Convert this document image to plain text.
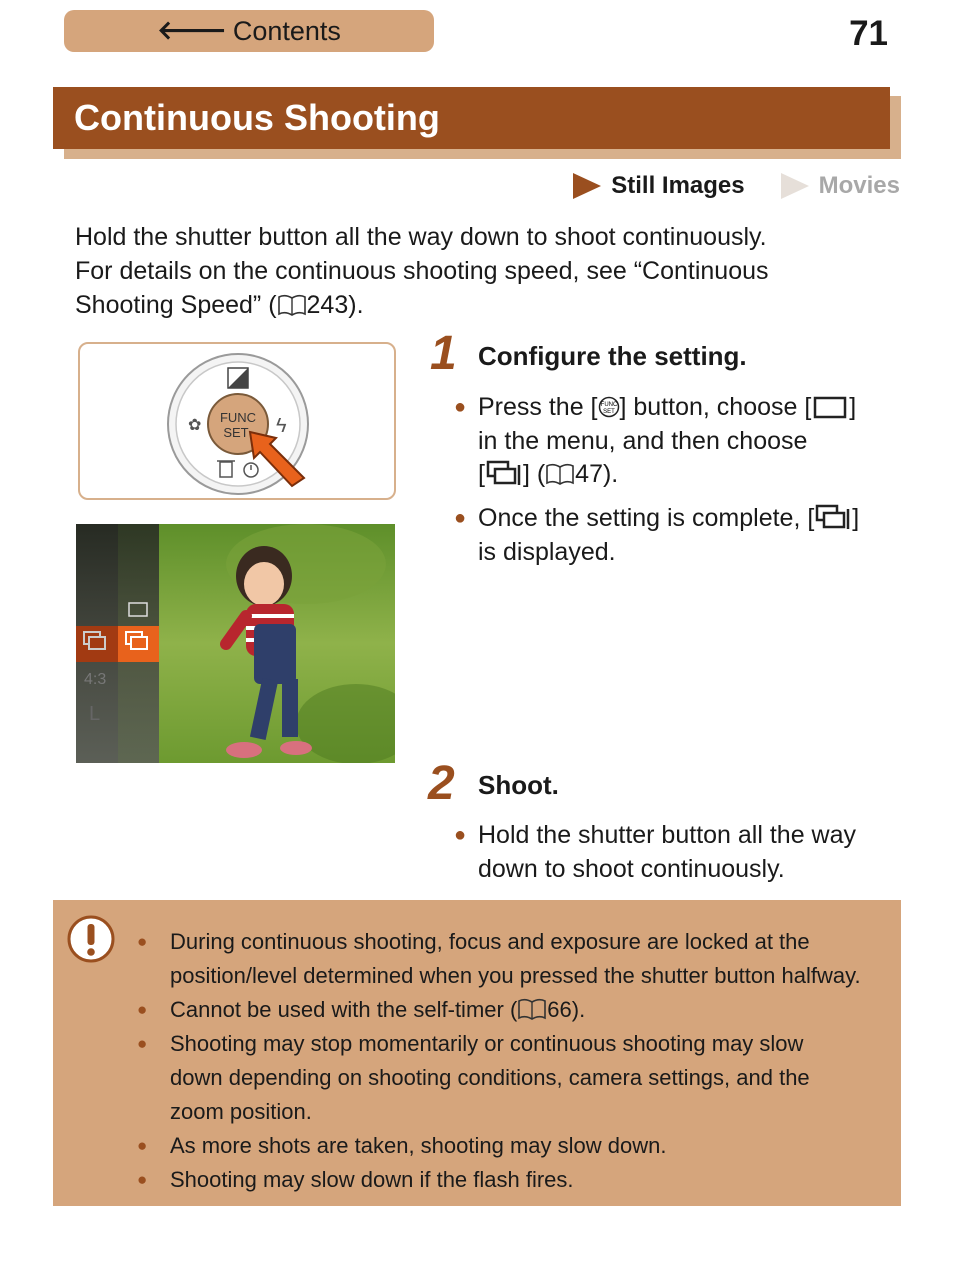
🡐 Contents	71
Continuous Shooting
Still Images	Movies
Hold the shutter button all the way down to shoot continuously.
For details on the continuous shooting speed, see “Continuous
Shooting Speed” ( 243).
FUNC
SET
✿	ϟ
4:3
L
1 Configure the setting.
● Press the [ FUNC
SET ] button, choose [ ]
in the menu, and then choose
[ ] ( 47).
● Once the setting is complete, [ ]
is displayed.
2 Shoot.
● Hold the shutter button all the way
down to shoot continuously.
● During continuous shooting, focus and exposure are locked at the
position/level determined when you pressed the shutter button halfway.
● Cannot be used with the self-timer ( 66).
● Shooting may stop momentarily or continuous shooting may slow
down depending on shooting conditions, camera settings, and the
zoom position.
● As more shots are taken, shooting may slow down.
● Shooting may slow down if the flash fires.
